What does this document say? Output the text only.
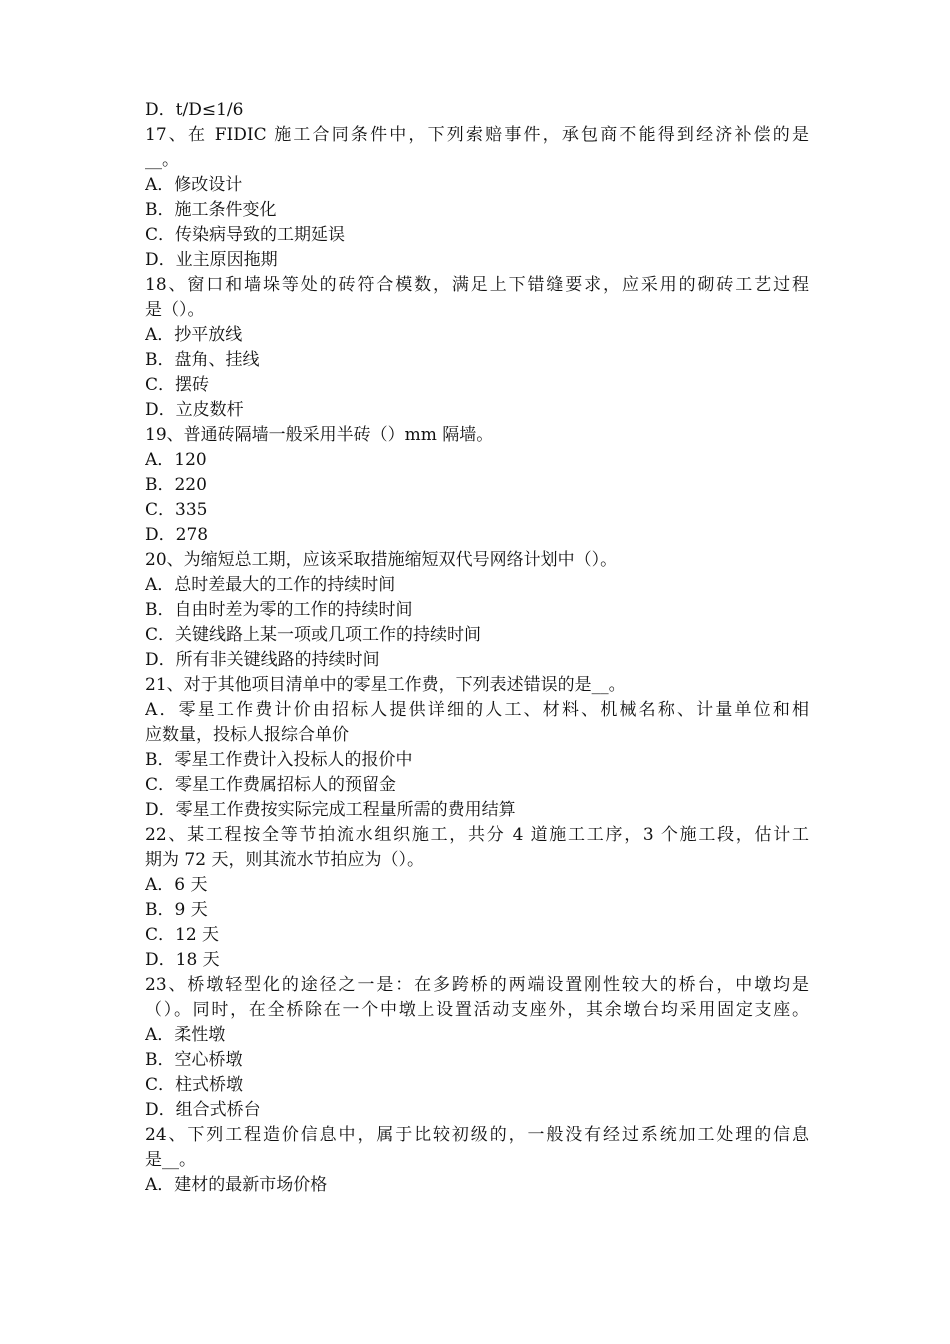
D．t/D≤1/6
17、在 FIDIC 施工合同条件中，下列索赔事件，承包商不能得到经济补偿的是
__。
A．修改设计
B．施工条件变化
C．传染病导致的工期延误
D．业主原因拖期
18、窗口和墙垛等处的砖符合模数，满足上下错缝要求，应采用的砌砖工艺过程
是（）。
A．抄平放线
B．盘角、挂线
C．摆砖
D．立皮数杆
19、普通砖隔墙一般采用半砖（）mm 隔墙。
A．120
B．220
C．335
D．278
20、为缩短总工期，应该采取措施缩短双代号网络计划中（）。
A．总时差最大的工作的持续时间
B．自由时差为零的工作的持续时间
C．关键线路上某一项或几项工作的持续时间
D．所有非关键线路的持续时间
21、对于其他项目清单中的零星工作费，下列表述错误的是__。
A．零星工作费计价由招标人提供详细的人工、材料、机械名称、计量单位和相
应数量，投标人报综合单价
B．零星工作费计入投标人的报价中
C．零星工作费属招标人的预留金
D．零星工作费按实际完成工程量所需的费用结算
22、某工程按全等节拍流水组织施工，共分 4 道施工工序，3 个施工段，估计工
期为 72 天，则其流水节拍应为（）。
A．6 天
B．9 天
C．12 天
D．18 天
23、桥墩轻型化的途径之一是：在多跨桥的两端设置刚性较大的桥台，中墩均是
（）。同时，在全桥除在一个中墩上设置活动支座外，其余墩台均采用固定支座。
A．柔性墩
B．空心桥墩
C．柱式桥墩
D．组合式桥台
24、下列工程造价信息中，属于比较初级的，一般没有经过系统加工处理的信息
是__。
A．建材的最新市场价格
